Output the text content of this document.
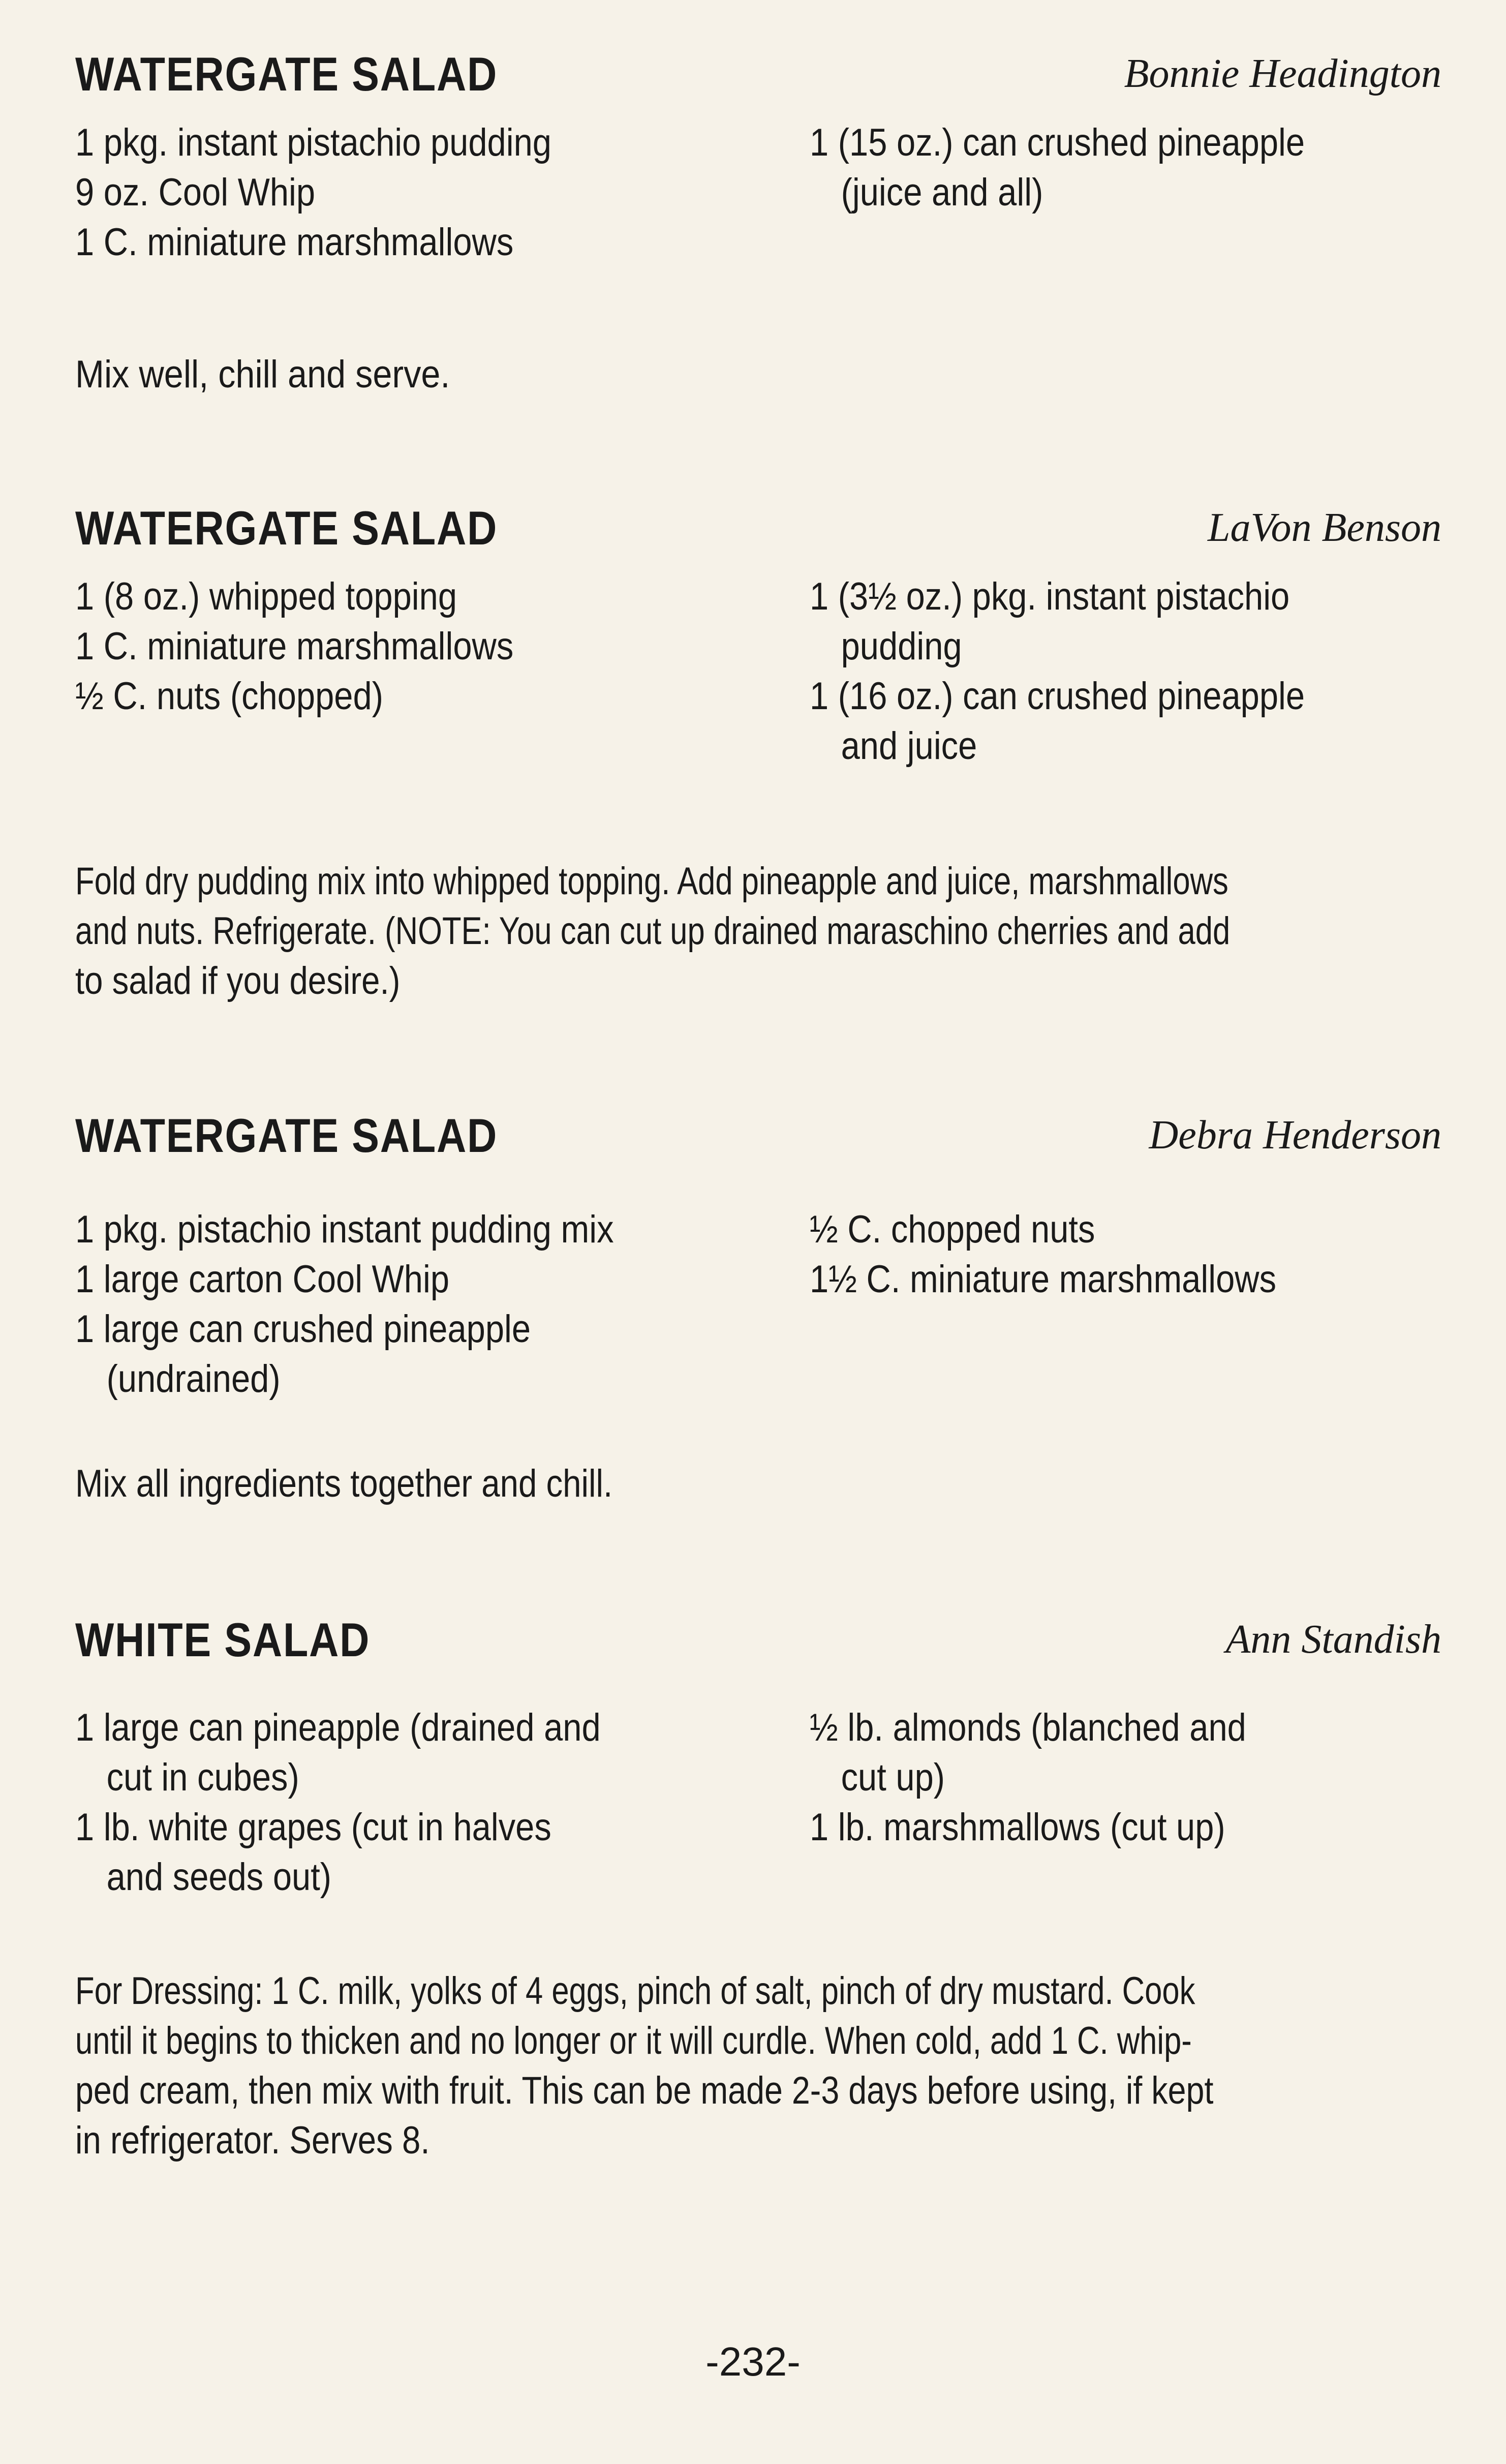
WATERGATE SALAD	Bonnie Headington
1 pkg. instant pistachio pudding
9 oz. Cool Whip
1 C. miniature marshmallows
1 (15 oz.) can crushed pineapple
(juice and all)
Mix well, chill and serve.
WATERGATE SALAD	LaVon Benson
1 (8 oz.) whipped topping
1 C. miniature marshmallows
½ C. nuts (chopped)
1 (3½ oz.) pkg. instant pistachio
pudding
1 (16 oz.) can crushed pineapple
and juice
Fold dry pudding mix into whipped topping. Add pineapple and juice, marshmallows
and nuts. Refrigerate. (NOTE: You can cut up drained maraschino cherries and add
to salad if you desire.)
WATERGATE SALAD	Debra Henderson
1 pkg. pistachio instant pudding mix
1 large carton Cool Whip
1 large can crushed pineapple
(undrained)
½ C. chopped nuts
1½ C. miniature marshmallows
Mix all ingredients together and chill.
WHITE SALAD	Ann Standish
1 large can pineapple (drained and
cut in cubes)
1 lb. white grapes (cut in halves
and seeds out)
½ lb. almonds (blanched and
cut up)
1 lb. marshmallows (cut up)
For Dressing: 1 C. milk, yolks of 4 eggs, pinch of salt, pinch of dry mustard. Cook
until it begins to thicken and no longer or it will curdle. When cold, add 1 C. whip-
ped cream, then mix with fruit. This can be made 2-3 days before using, if kept
in refrigerator. Serves 8.
-232-
